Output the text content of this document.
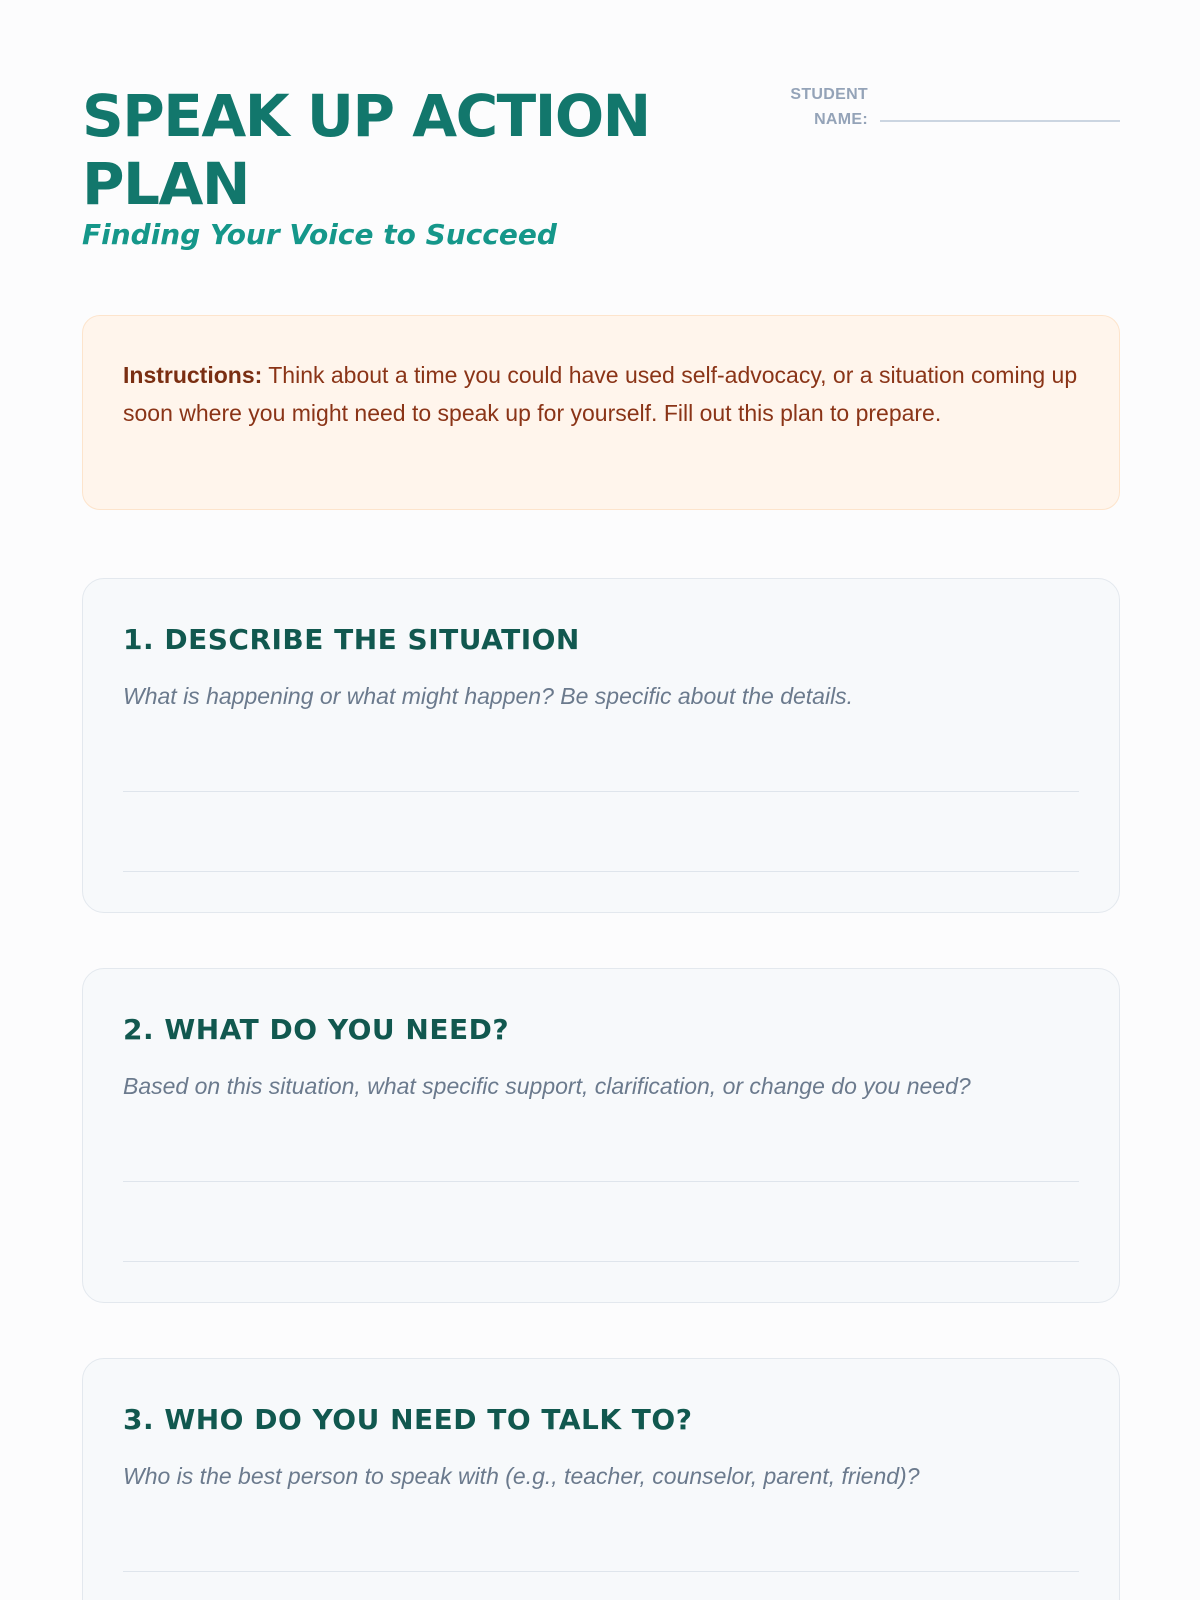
SPEAK UP ACTION PLAN
Finding Your Voice to Succeed
STUDENT NAME:
Instructions: Think about a time you could have used self-advocacy, or a situation coming up soon where you might need to speak up for yourself. Fill out this plan to prepare.
1. DESCRIBE THE SITUATION
What is happening or what might happen? Be specific about the details.
2. WHAT DO YOU NEED?
Based on this situation, what specific support, clarification, or change do you need?
3. WHO DO YOU NEED TO TALK TO?
Who is the best person to speak with (e.g., teacher, counselor, parent, friend)?
